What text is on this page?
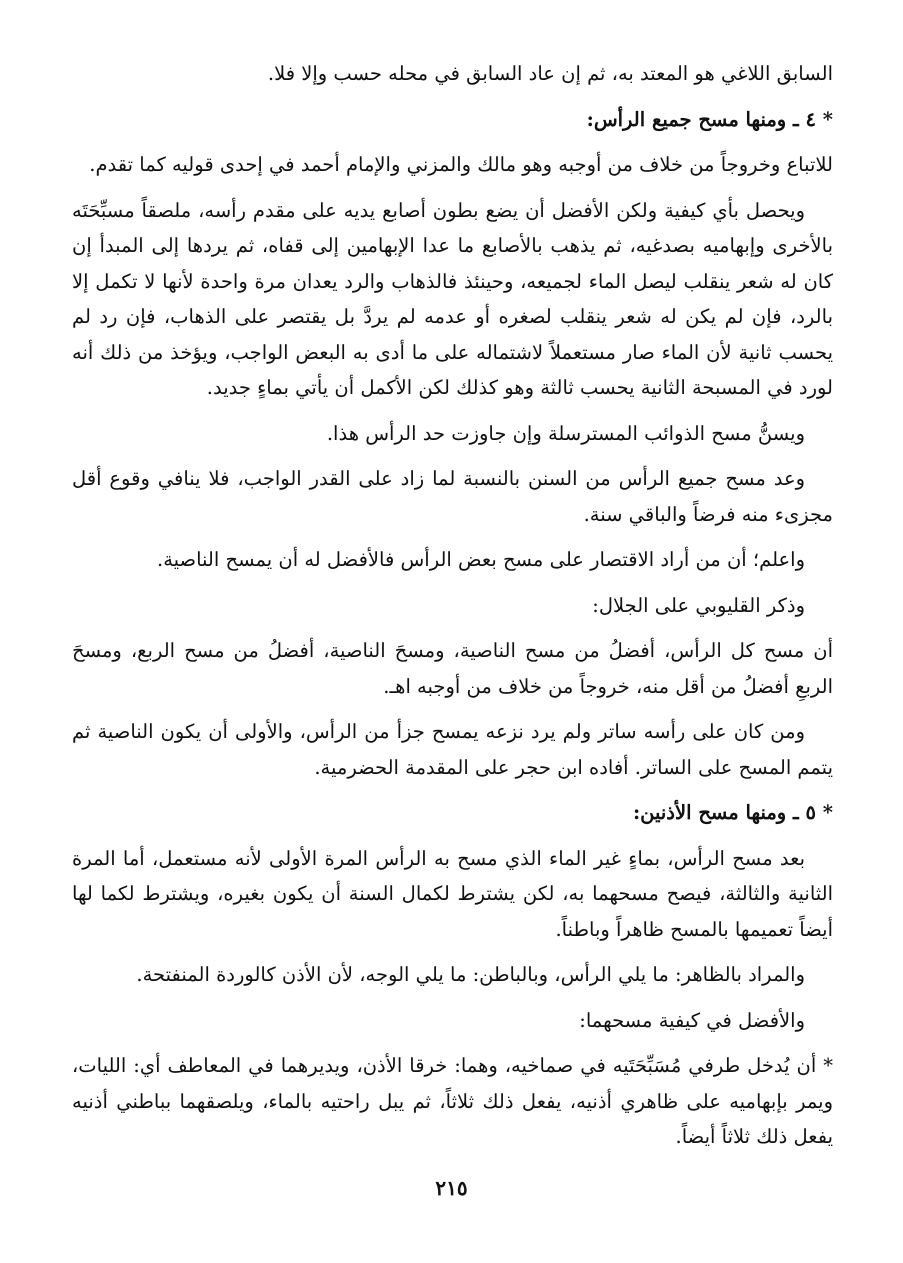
السابق اللاغي هو المعتد به، ثم إن عاد السابق في محله حسب وإلا فلا.

* ٤ ـ ومنها مسح جميع الرأس:

للاتباع وخروجاً من خلاف من أوجبه وهو مالك والمزني والإمام أحمد في إحدى قوليه كما تقدم.

ويحصل بأي كيفية ولكن الأفضل أن يضع بطون أصابع يديه على مقدم رأسه، ملصقاً مسبِّحَتَه بالأخرى وإبهاميه بصدغيه، ثم يذهب بالأصابع ما عدا الإبهامين إلى قفاه، ثم يردها إلى المبدأ إن كان له شعر ينقلب ليصل الماء لجميعه، وحينئذ فالذهاب والرد يعدان مرة واحدة لأنها لا تكمل إلا بالرد، فإن لم يكن له شعر ينقلب لصغره أو عدمه لم يردَّ بل يقتصر على الذهاب، فإن رد لم يحسب ثانية لأن الماء صار مستعملاً لاشتماله على ما أدى به البعض الواجب، ويؤخذ من ذلك أنه لورد في المسبحة الثانية يحسب ثالثة وهو كذلك لكن الأكمل أن يأتي بماءٍ جديد.

ويسنُّ مسح الذوائب المسترسلة وإن جاوزت حد الرأس هذا.

وعد مسح جميع الرأس من السنن بالنسبة لما زاد على القدر الواجب، فلا ينافي وقوع أقل مجزىء منه فرضاً والباقي سنة.

واعلم؛ أن من أراد الاقتصار على مسح بعض الرأس فالأفضل له أن يمسح الناصية.

وذكر القليوبي على الجلال:

أن مسح كل الرأس، أفضلُ من مسح الناصية، ومسحَ الناصية، أفضلُ من مسح الربع، ومسحَ الربعِ أفضلُ من أقل منه، خروجاً من خلاف من أوجبه اهـ.

ومن كان على رأسه ساتر ولم يرد نزعه يمسح جزأ من الرأس، والأولى أن يكون الناصية ثم يتمم المسح على الساتر. أفاده ابن حجر على المقدمة الحضرمية.

* ٥ ـ ومنها مسح الأذنين:

بعد مسح الرأس، بماءٍ غير الماء الذي مسح به الرأس المرة الأولى لأنه مستعمل، أما المرة الثانية والثالثة، فيصح مسحهما به، لكن يشترط لكمال السنة أن يكون بغيره، ويشترط لكما لها أيضاً تعميمها بالمسح ظاهراً وباطناً.

والمراد بالظاهر: ما يلي الرأس، وبالباطن: ما يلي الوجه، لأن الأذن كالوردة المنفتحة.

والأفضل في كيفية مسحهما:

* أن يُدخل طرفي مُسَبِّحَتَيه في صماخيه، وهما: خرقا الأذن، ويديرهما في المعاطف أي: الليات، ويمر بإبهاميه على ظاهري أذنيه، يفعل ذلك ثلاثاً، ثم يبل راحتيه بالماء، ويلصقهما بباطني أذنيه يفعل ذلك ثلاثاً أيضاً.

٢١٥
